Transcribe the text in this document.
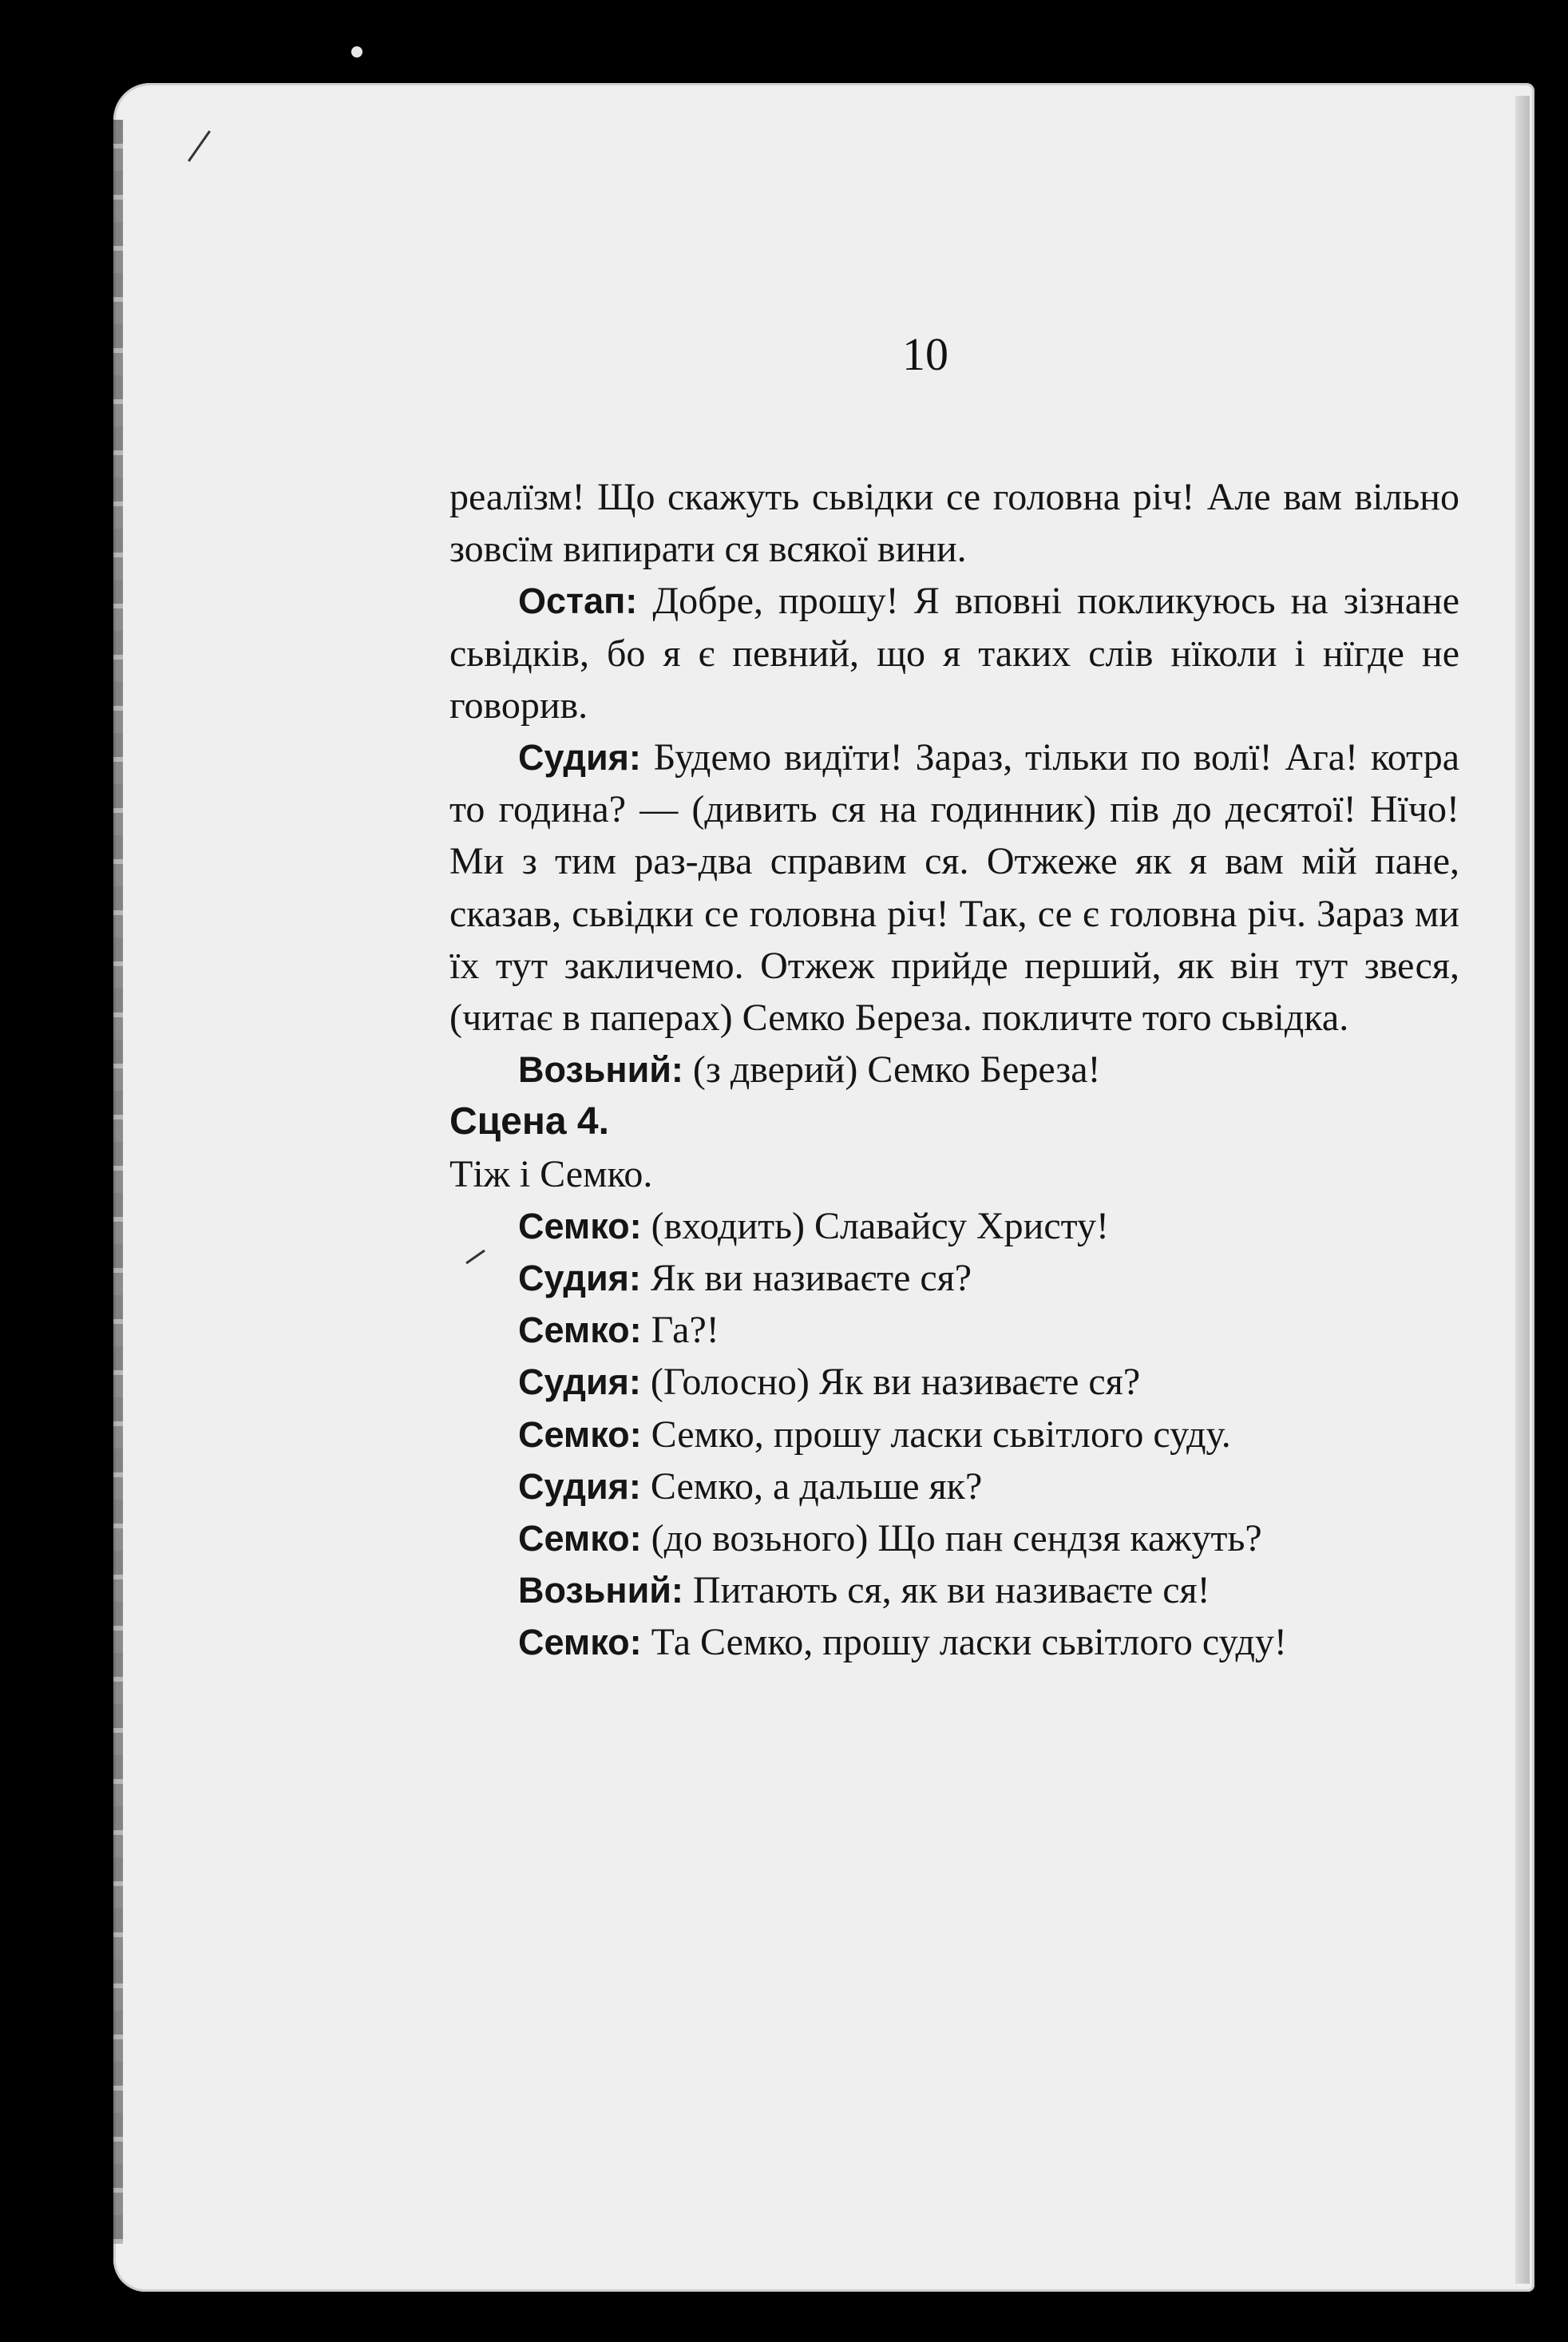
10

реалїзм! Що скажуть сьвідки се головна річ! Але вам вільно зовсїм випирати ся всякої вини.

Остап: Добре, прошу! Я вповні покликуюсь на зізнане сьвідків, бо я є певний, що я таких слів нїколи і нїгде не говорив.

Судия: Будемо видїти! Зараз, тільки по волї! Ага! котра то година? — (дивить ся на годинник) пів до десятої! Нїчо! Ми з тим раз-два справим ся. Отжеже як я вам мій пане, сказав, сьвідки се головна річ! Так, се є головна річ. Зараз ми їх тут закличемо. Отжеж прийде перший, як він тут звеся, (читає в паперах) Семко Береза. покличте того сьвідка.

Возьний: (з дверий) Семко Береза!

Сцена 4.

Тіж і Семко.

Семко: (входить) Славайсу Христу!

Судия: Як ви називаєте ся?

Семко: Га?!

Судия: (Голосно) Як ви називаєте ся?

Семко: Семко, прошу ласки сьвітлого суду.

Судия: Семко, а дальше як?

Семко: (до возьного) Що пан сендзя кажуть?

Возьний: Питають ся, як ви називаєте ся!

Семко: Та Семко, прошу ласки сьвітлого суду!
